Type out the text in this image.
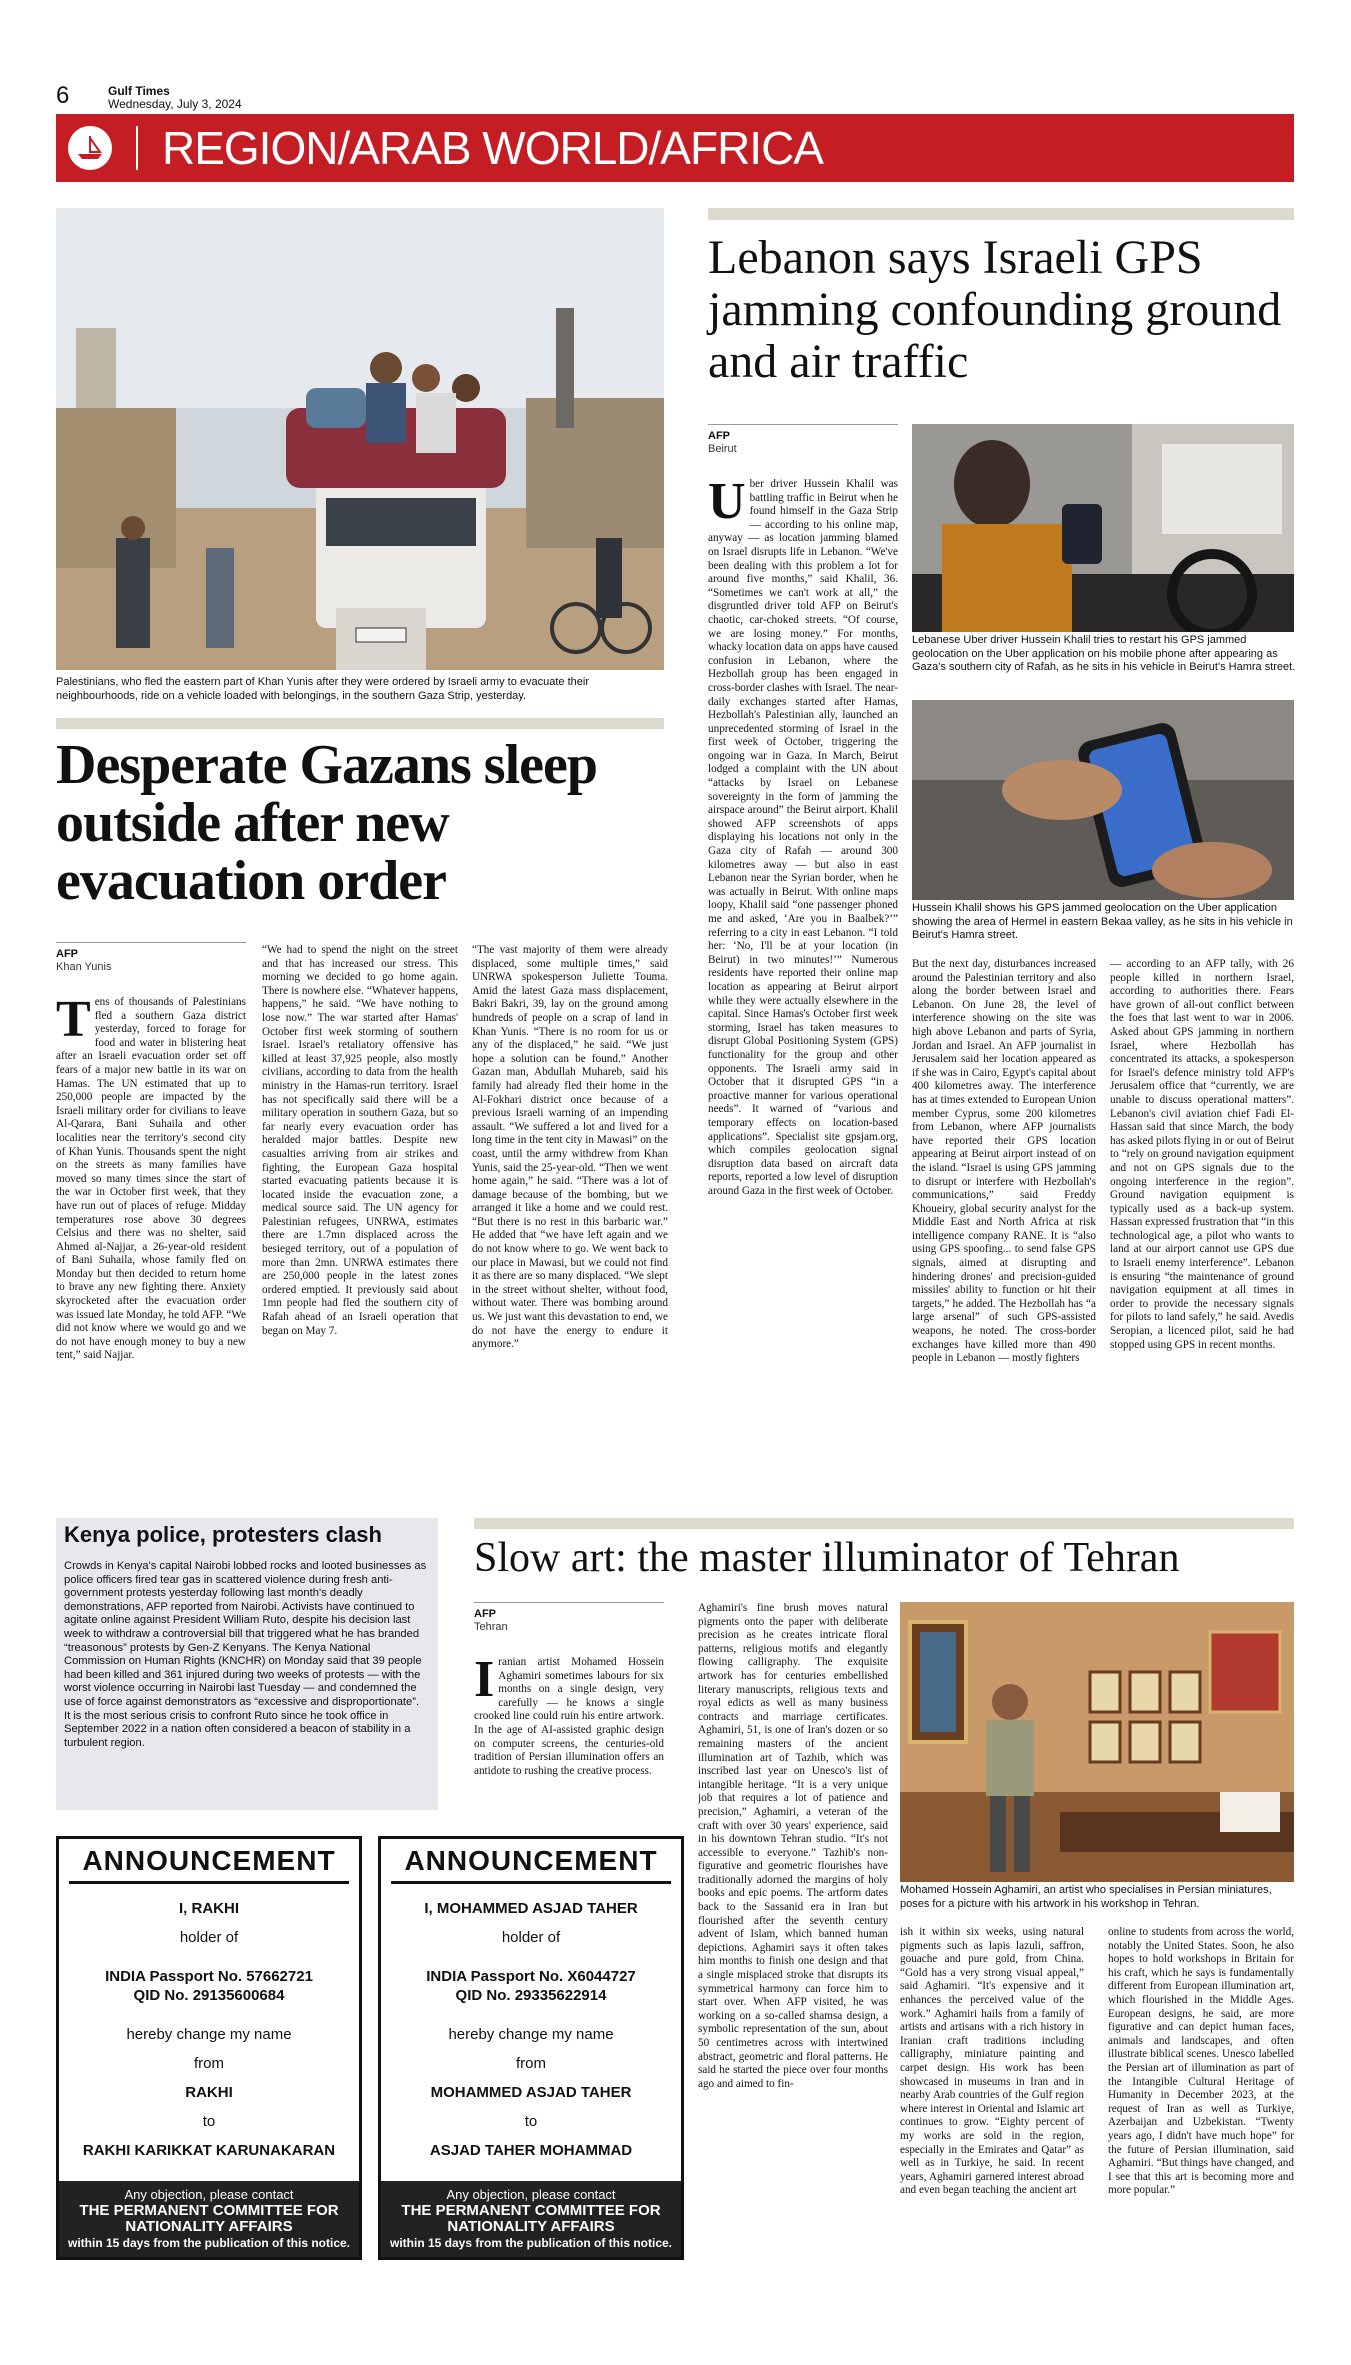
6	Gulf Times
Wednesday, July 3, 2024
REGION/ARAB WORLD/AFRICA
Palestinians, who fled the eastern part of Khan Yunis after they were ordered by Israeli army to evacuate their neighbourhoods, ride on a vehicle loaded with belongings, in the southern Gaza Strip, yesterday.
Desperate Gazans sleep outside after new evacuation order
AFP
Khan Yunis
Tens of thousands of Palestinians fled a southern Gaza district yesterday, forced to forage for food and water in blistering heat after an Israeli evacuation order set off fears of a major new battle in its war on Hamas. The UN estimated that up to 250,000 people are impacted by the Israeli military order for civilians to leave Al-Qarara, Bani Suhaila and other localities near the territory's second city of Khan Yunis. Thousands spent the night on the streets as many families have moved so many times since the start of the war in October first week, that they have run out of places of refuge. Midday temperatures rose above 30 degrees Celsius and there was no shelter, said Ahmed al-Najjar, a 26-year-old resident of Bani Suhaila, whose family fled on Monday but then decided to return home to brave any new fighting there. Anxiety skyrocketed after the evacuation order was issued late Monday, he told AFP. “We did not know where we would go and we do not have enough money to buy a new tent,” said Najjar.
“We had to spend the night on the street and that has increased our stress. This morning we decided to go home again. There is nowhere else. “Whatever happens, happens,” he said. “We have nothing to lose now.” The war started after Hamas' October first week storming of southern Israel. Israel's retaliatory offensive has killed at least 37,925 people, also mostly civilians, according to data from the health ministry in the Hamas-run territory. Israel has not specifically said there will be a military operation in southern Gaza, but so far nearly every evacuation order has heralded major battles. Despite new casualties arriving from air strikes and fighting, the European Gaza hospital started evacuating patients because it is located inside the evacuation zone, a medical source said. The UN agency for Palestinian refugees, UNRWA, estimates there are 1.7mn displaced across the besieged territory, out of a population of more than 2mn. UNRWA estimates there are 250,000 people in the latest zones ordered emptied. It previously said about 1mn people had fled the southern city of Rafah ahead of an Israeli operation that began on May 7.
“The vast majority of them were already displaced, some multiple times,” said UNRWA spokesperson Juliette Touma. Amid the latest Gaza mass displacement, Bakri Bakri, 39, lay on the ground among hundreds of people on a scrap of land in Khan Yunis. “There is no room for us or any of the displaced,” he said. “We just hope a solution can be found.” Another Gazan man, Abdullah Muhareb, said his family had already fled their home in the Al-Fokhari district once because of a previous Israeli warning of an impending assault. “We suffered a lot and lived for a long time in the tent city in Mawasi” on the coast, until the army withdrew from Khan Yunis, said the 25-year-old. “Then we went home again,” he said. “There was a lot of damage because of the bombing, but we arranged it like a home and we could rest. “But there is no rest in this barbaric war.” He added that “we have left again and we do not know where to go. We went back to our place in Mawasi, but we could not find it as there are so many displaced. “We slept in the street without shelter, without food, without water. There was bombing around us. We just want this devastation to end, we do not have the energy to endure it anymore.”
Lebanon says Israeli GPS jamming confounding ground and air traffic
AFP
Beirut
Uber driver Hussein Khalil was battling traffic in Beirut when he found himself in the Gaza Strip — according to his online map, anyway — as location jamming blamed on Israel disrupts life in Lebanon. “We've been dealing with this problem a lot for around five months,” said Khalil, 36. “Sometimes we can't work at all,” the disgruntled driver told AFP on Beirut's chaotic, car-choked streets. “Of course, we are losing money.” For months, whacky location data on apps have caused confusion in Lebanon, where the Hezbollah group has been engaged in cross-border clashes with Israel. The near-daily exchanges started after Hamas, Hezbollah's Palestinian ally, launched an unprecedented storming of Israel in the first week of October, triggering the ongoing war in Gaza. In March, Beirut lodged a complaint with the UN about “attacks by Israel on Lebanese sovereignty in the form of jamming the airspace around” the Beirut airport. Khalil showed AFP screenshots of apps displaying his locations not only in the Gaza city of Rafah — around 300 kilometres away — but also in east Lebanon near the Syrian border, when he was actually in Beirut. With online maps loopy, Khalil said “one passenger phoned me and asked, ‘Are you in Baalbek?’” referring to a city in east Lebanon. “I told her: ‘No, I'll be at your location (in Beirut) in two minutes!’” Numerous residents have reported their online map location as appearing at Beirut airport while they were actually elsewhere in the capital. Since Hamas's October first week storming, Israel has taken measures to disrupt Global Positioning System (GPS) functionality for the group and other opponents. The Israeli army said in October that it disrupted GPS “in a proactive manner for various operational needs”. It warned of “various and temporary effects on location-based applications”. Specialist site gpsjam.org, which compiles geolocation signal disruption data based on aircraft data reports, reported a low level of disruption around Gaza in the first week of October.
Lebanese Uber driver Hussein Khalil tries to restart his GPS jammed geolocation on the Uber application on his mobile phone after appearing as Gaza's southern city of Rafah, as he sits in his vehicle in Beirut's Hamra street.
Hussein Khalil shows his GPS jammed geolocation on the Uber application showing the area of Hermel in eastern Bekaa valley, as he sits in his vehicle in Beirut's Hamra street.
But the next day, disturbances increased around the Palestinian territory and also along the border between Israel and Lebanon. On June 28, the level of interference showing on the site was high above Lebanon and parts of Syria, Jordan and Israel. An AFP journalist in Jerusalem said her location appeared as if she was in Cairo, Egypt's capital about 400 kilometres away. The interference has at times extended to European Union member Cyprus, some 200 kilometres from Lebanon, where AFP journalists have reported their GPS location appearing at Beirut airport instead of on the island. “Israel is using GPS jamming to disrupt or interfere with Hezbollah's communications,” said Freddy Khoueiry, global security analyst for the Middle East and North Africa at risk intelligence company RANE. It is “also using GPS spoofing... to send false GPS signals, aimed at disrupting and hindering drones' and precision-guided missiles' ability to function or hit their targets,” he added. The Hezbollah has “a large arsenal” of such GPS-assisted weapons, he noted. The cross-border exchanges have killed more than 490 people in Lebanon — mostly fighters
— according to an AFP tally, with 26 people killed in northern Israel, according to authorities there. Fears have grown of all-out conflict between the foes that last went to war in 2006. Asked about GPS jamming in northern Israel, where Hezbollah has concentrated its attacks, a spokesperson for Israel's defence ministry told AFP's Jerusalem office that “currently, we are unable to discuss operational matters”. Lebanon's civil aviation chief Fadi El-Hassan said that since March, the body has asked pilots flying in or out of Beirut to “rely on ground navigation equipment and not on GPS signals due to the ongoing interference in the region”. Ground navigation equipment is typically used as a back-up system. Hassan expressed frustration that “in this technological age, a pilot who wants to land at our airport cannot use GPS due to Israeli enemy interference”. Lebanon is ensuring “the maintenance of ground navigation equipment at all times in order to provide the necessary signals for pilots to land safely,” he said. Avedis Seropian, a licenced pilot, said he had stopped using GPS in recent months.
Kenya police, protesters clash
Crowds in Kenya's capital Nairobi lobbed rocks and looted businesses as police officers fired tear gas in scattered violence during fresh anti-government protests yesterday following last month's deadly demonstrations, AFP reported from Nairobi. Activists have continued to agitate online against President William Ruto, despite his decision last week to withdraw a controversial bill that triggered what he has branded “treasonous” protests by Gen-Z Kenyans. The Kenya National Commission on Human Rights (KNCHR) on Monday said that 39 people had been killed and 361 injured during two weeks of protests — with the worst violence occurring in Nairobi last Tuesday — and condemned the use of force against demonstrators as “excessive and disproportionate”. It is the most serious crisis to confront Ruto since he took office in September 2022 in a nation often considered a beacon of stability in a turbulent region.
ANNOUNCEMENT
I, RAKHI
holder of
INDIA Passport No. 57662721
QID No. 29135600684
hereby change my name
from
RAKHI
to
RAKHI KARIKKAT KARUNAKARAN
Any objection, please contact
THE PERMANENT COMMITTEE FOR NATIONALITY AFFAIRS
within 15 days from the publication of this notice.
ANNOUNCEMENT
I, MOHAMMED ASJAD TAHER
holder of
INDIA Passport No. X6044727
QID No. 29335622914
hereby change my name
from
MOHAMMED ASJAD TAHER
to
ASJAD TAHER MOHAMMAD
Any objection, please contact
THE PERMANENT COMMITTEE FOR NATIONALITY AFFAIRS
within 15 days from the publication of this notice.
Slow art: the master illuminator of Tehran
AFP
Tehran
Iranian artist Mohamed Hossein Aghamiri sometimes labours for six months on a single design, very carefully — he knows a single crooked line could ruin his entire artwork. In the age of AI-assisted graphic design on computer screens, the centuries-old tradition of Persian illumination offers an antidote to rushing the creative process.
Aghamiri's fine brush moves natural pigments onto the paper with deliberate precision as he creates intricate floral patterns, religious motifs and elegantly flowing calligraphy. The exquisite artwork has for centuries embellished literary manuscripts, religious texts and royal edicts as well as many business contracts and marriage certificates. Aghamiri, 51, is one of Iran's dozen or so remaining masters of the ancient illumination art of Tazhib, which was inscribed last year on Unesco's list of intangible heritage. “It is a very unique job that requires a lot of patience and precision,” Aghamiri, a veteran of the craft with over 30 years' experience, said in his downtown Tehran studio. “It's not accessible to everyone.” Tazhib's non-figurative and geometric flourishes have traditionally adorned the margins of holy books and epic poems. The artform dates back to the Sassanid era in Iran but flourished after the seventh century advent of Islam, which banned human depictions. Aghamiri says it often takes him months to finish one design and that a single misplaced stroke that disrupts its symmetrical harmony can force him to start over. When AFP visited, he was working on a so-called shamsa design, a symbolic representation of the sun, about 50 centimetres across with intertwined abstract, geometric and floral patterns. He said he started the piece over four months ago and aimed to fin-
Mohamed Hossein Aghamiri, an artist who specialises in Persian miniatures, poses for a picture with his artwork in his workshop in Tehran.
ish it within six weeks, using natural pigments such as lapis lazuli, saffron, gouache and pure gold, from China. “Gold has a very strong visual appeal,” said Aghamiri. “It's expensive and it enhances the perceived value of the work.” Aghamiri hails from a family of artists and artisans with a rich history in Iranian craft traditions including calligraphy, miniature painting and carpet design. His work has been showcased in museums in Iran and in nearby Arab countries of the Gulf region where interest in Oriental and Islamic art continues to grow. “Eighty percent of my works are sold in the region, especially in the Emirates and Qatar” as well as in Turkiye, he said. In recent years, Aghamiri garnered interest abroad and even began teaching the ancient art
online to students from across the world, notably the United States. Soon, he also hopes to hold workshops in Britain for his craft, which he says is fundamentally different from European illumination art, which flourished in the Middle Ages. European designs, he said, are more figurative and can depict human faces, animals and landscapes, and often illustrate biblical scenes. Unesco labelled the Persian art of illumination as part of the Intangible Cultural Heritage of Humanity in December 2023, at the request of Iran as well as Turkiye, Azerbaijan and Uzbekistan. “Twenty years ago, I didn't have much hope” for the future of Persian illumination, said Aghamiri. “But things have changed, and I see that this art is becoming more and more popular.”
